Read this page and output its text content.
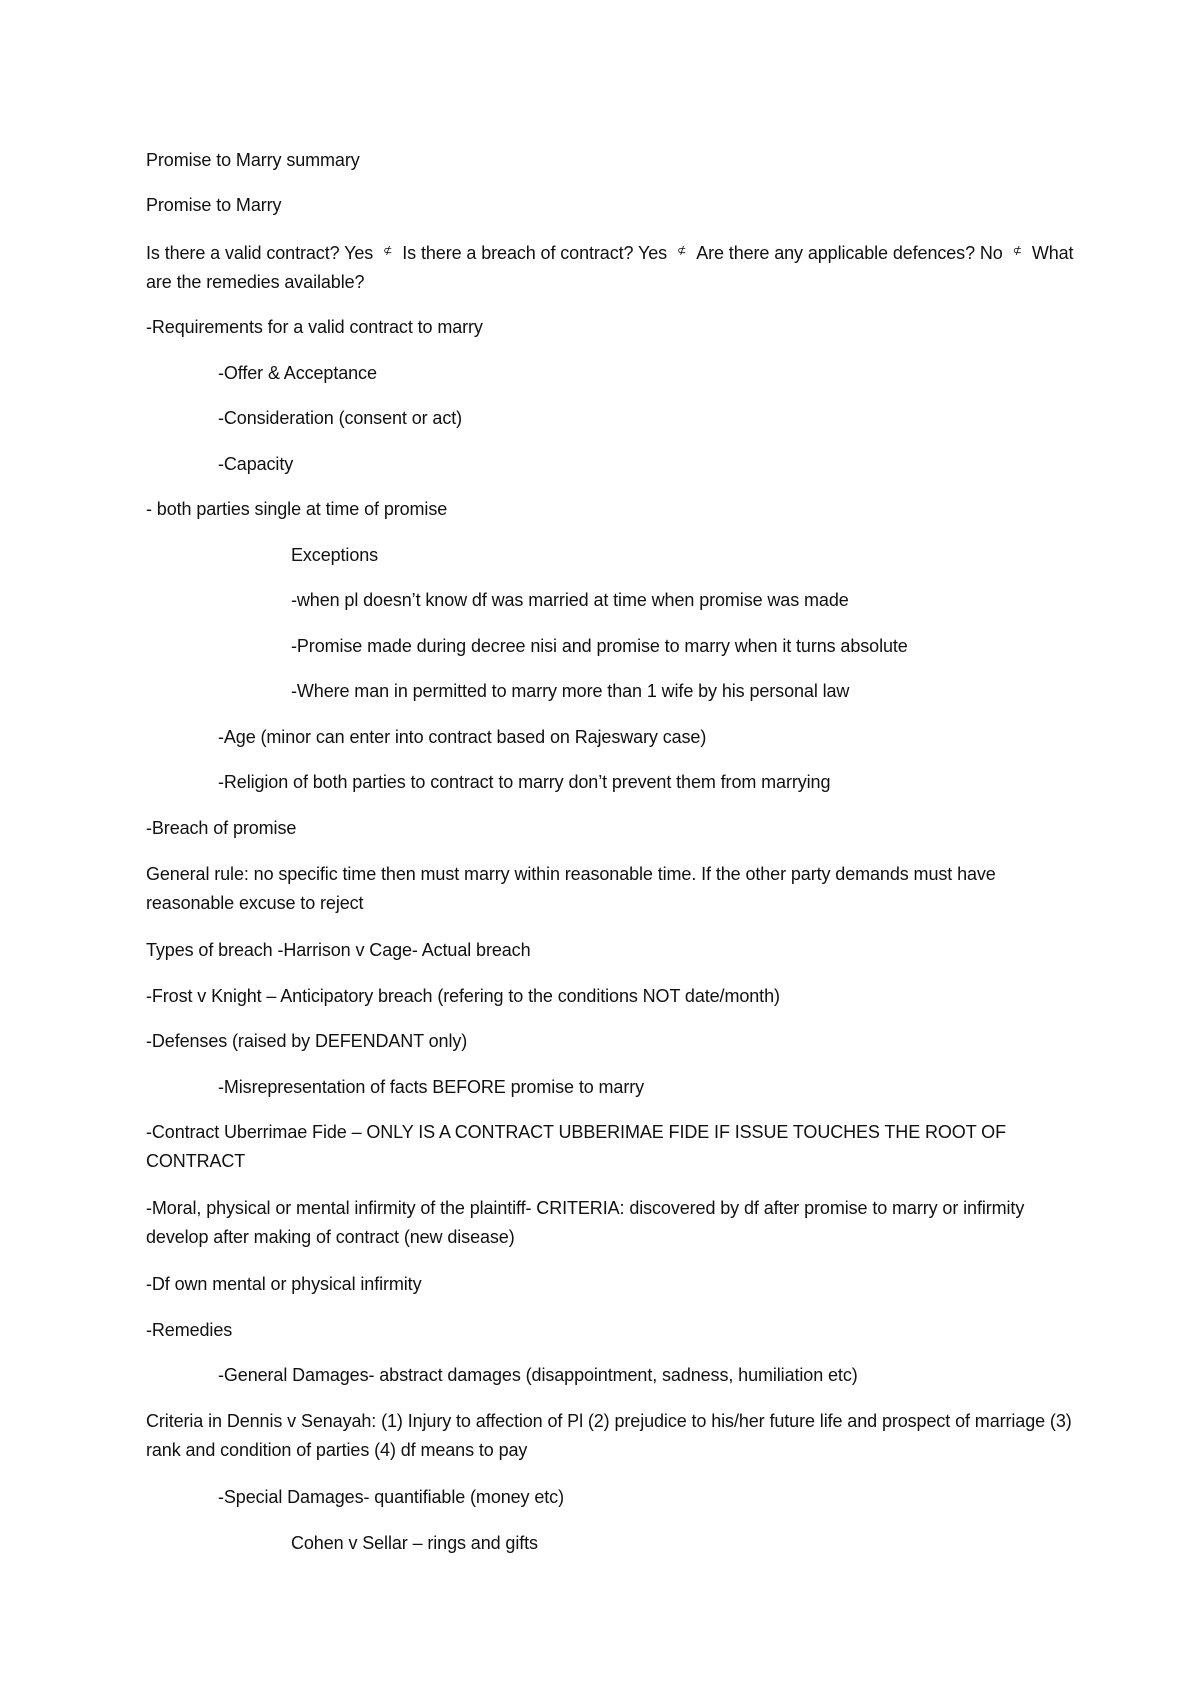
Promise to Marry summary
Promise to Marry
Is there a valid contract? Yes ⊄ Is there a breach of contract? Yes ⊄ Are there any applicable defences? No ⊄ What are the remedies available?
-Requirements for a valid contract to marry
-Offer & Acceptance
-Consideration (consent or act)
-Capacity
- both parties single at time of promise
Exceptions
-when pl doesn’t know df was married at time when promise was made
-Promise made during decree nisi and promise to marry when it turns absolute
-Where man in permitted to marry more than 1 wife by his personal law
-Age (minor can enter into contract based on Rajeswary case)
-Religion of both parties to contract to marry don’t prevent them from marrying
-Breach of promise
General rule: no specific time then must marry within reasonable time. If the other party demands must have reasonable excuse to reject
Types of breach -Harrison v Cage- Actual breach
-Frost v Knight – Anticipatory breach (refering to the conditions NOT date/month)
-Defenses (raised by DEFENDANT only)
-Misrepresentation of facts BEFORE promise to marry
-Contract Uberrimae Fide – ONLY IS A CONTRACT UBBERIMAE FIDE IF ISSUE TOUCHES THE ROOT OF CONTRACT
-Moral, physical or mental infirmity of the plaintiff- CRITERIA: discovered by df after promise to marry or infirmity develop after making of contract (new disease)
-Df own mental or physical infirmity
-Remedies
-General Damages- abstract damages (disappointment, sadness, humiliation etc)
Criteria in Dennis v Senayah: (1) Injury to affection of Pl (2) prejudice to his/her future life and prospect of marriage (3) rank and condition of parties (4) df means to pay
-Special Damages- quantifiable (money etc)
Cohen v Sellar – rings and gifts
